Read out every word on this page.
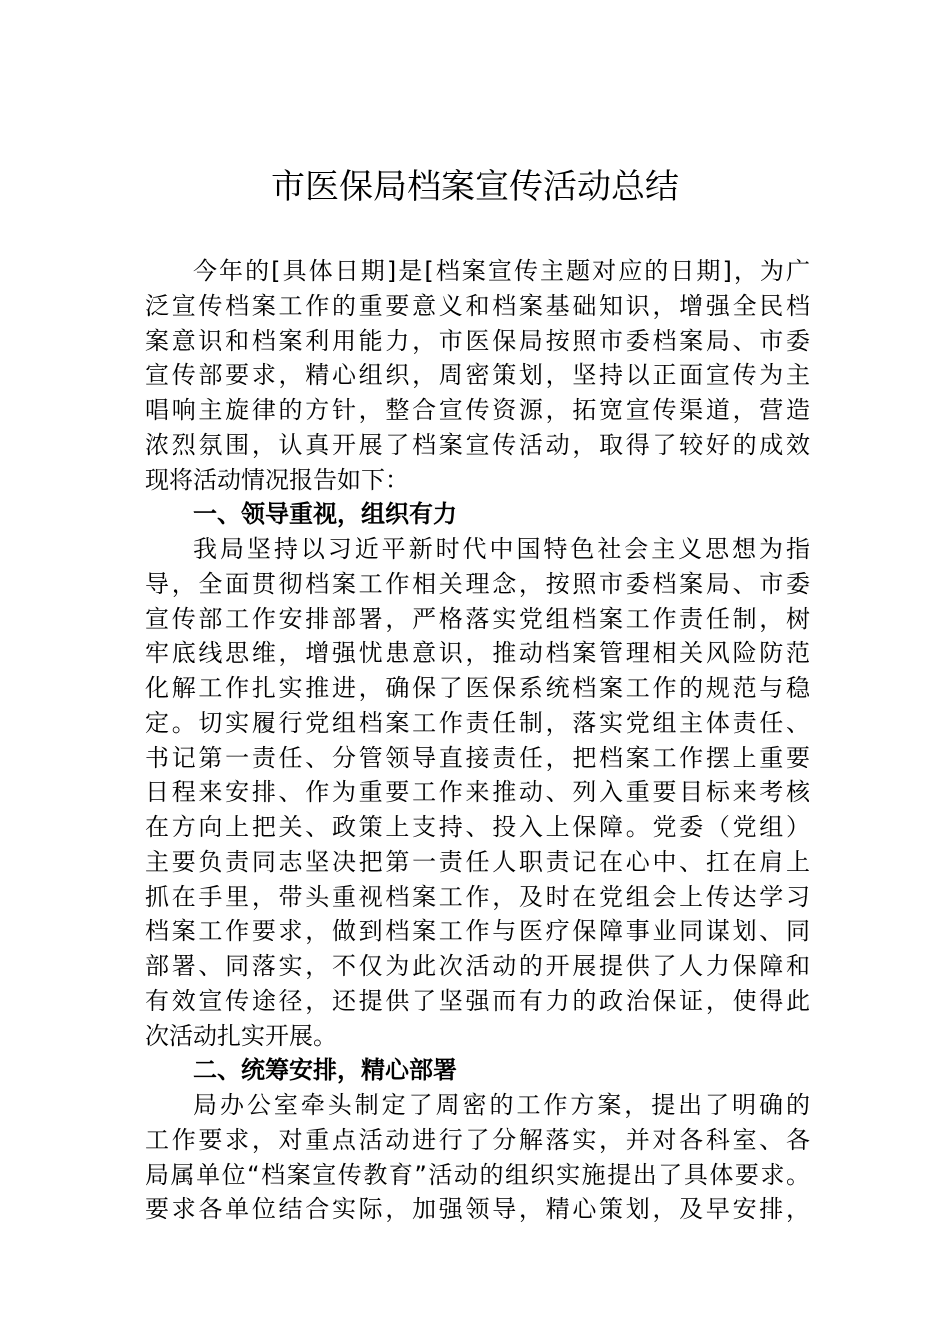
市医保局档案宣传活动总结
今年的[具体日期]是[档案宣传主题对应的日期]，为广
泛宣传档案工作的重要意义和档案基础知识，增强全民档
案意识和档案利用能力，市医保局按照市委档案局、市委
宣传部要求，精心组织，周密策划，坚持以正面宣传为主
唱响主旋律的方针，整合宣传资源，拓宽宣传渠道，营造
浓烈氛围，认真开展了档案宣传活动，取得了较好的成效
现将活动情况报告如下：
一、领导重视，组织有力
我局坚持以习近平新时代中国特色社会主义思想为指
导，全面贯彻档案工作相关理念，按照市委档案局、市委
宣传部工作安排部署，严格落实党组档案工作责任制，树
牢底线思维，增强忧患意识，推动档案管理相关风险防范
化解工作扎实推进，确保了医保系统档案工作的规范与稳
定。切实履行党组档案工作责任制，落实党组主体责任、
书记第一责任、分管领导直接责任，把档案工作摆上重要
日程来安排、作为重要工作来推动、列入重要目标来考核
在方向上把关、政策上支持、投入上保障。党委（党组）
主要负责同志坚决把第一责任人职责记在心中、扛在肩上
抓在手里，带头重视档案工作，及时在党组会上传达学习
档案工作要求，做到档案工作与医疗保障事业同谋划、同
部署、同落实，不仅为此次活动的开展提供了人力保障和
有效宣传途径，还提供了坚强而有力的政治保证，使得此
次活动扎实开展。
二、统筹安排，精心部署
局办公室牵头制定了周密的工作方案，提出了明确的
工作要求，对重点活动进行了分解落实，并对各科室、各
局属单位“档案宣传教育”活动的组织实施提出了具体要求。
要求各单位结合实际，加强领导，精心策划，及早安排，
